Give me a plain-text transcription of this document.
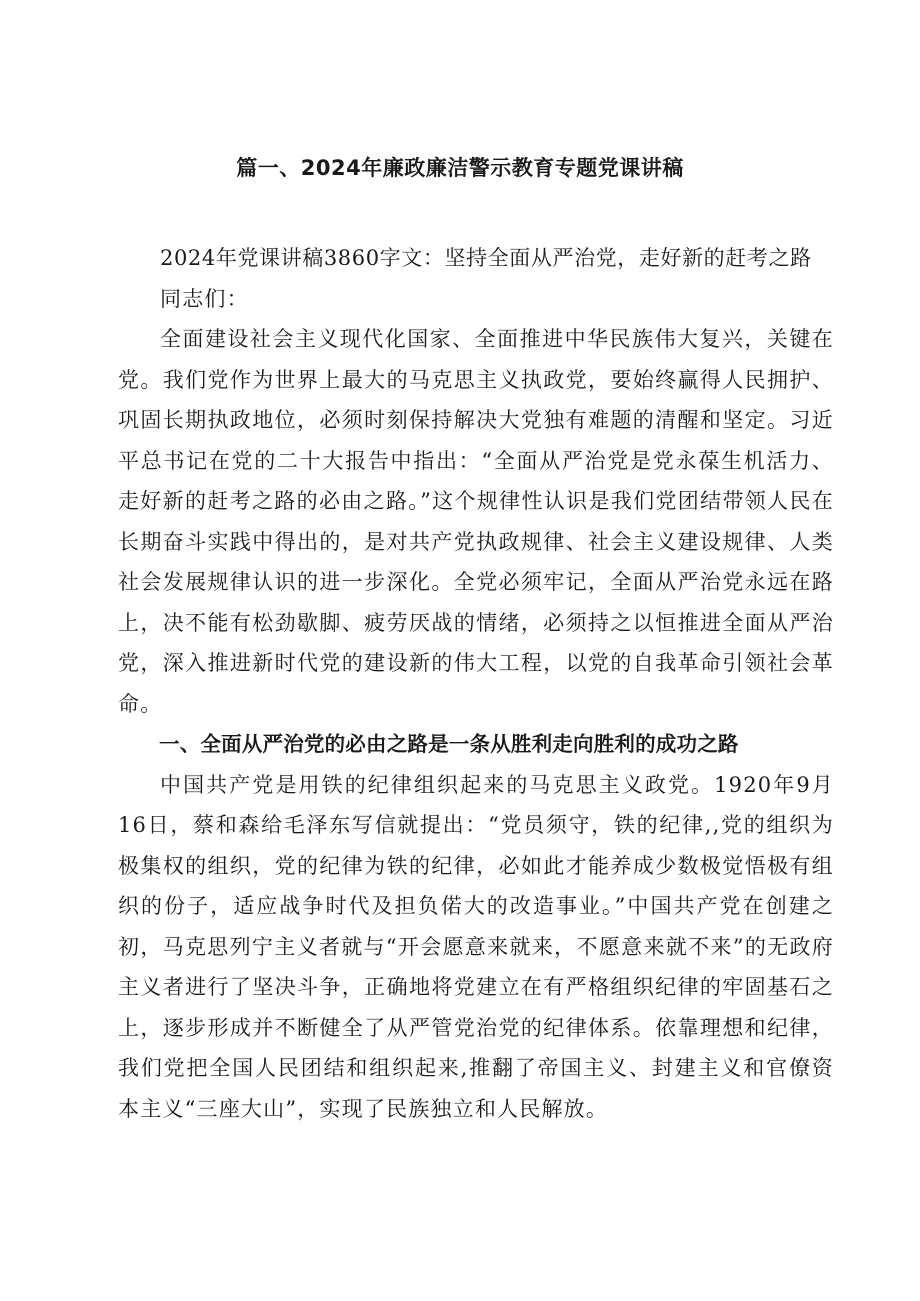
篇一、2024年廉政廉洁警示教育专题党课讲稿

2024年党课讲稿3860字文：坚持全面从严治党，走好新的赶考之路

同志们：

全面建设社会主义现代化国家、全面推进中华民族伟大复兴，关键在党。我们党作为世界上最大的马克思主义执政党，要始终赢得人民拥护、巩固长期执政地位，必须时刻保持解决大党独有难题的清醒和坚定。习近平总书记在党的二十大报告中指出：“全面从严治党是党永葆生机活力、走好新的赶考之路的必由之路。”这个规律性认识是我们党团结带领人民在长期奋斗实践中得出的，是对共产党执政规律、社会主义建设规律、人类社会发展规律认识的进一步深化。全党必须牢记，全面从严治党永远在路上，决不能有松劲歇脚、疲劳厌战的情绪，必须持之以恒推进全面从严治党，深入推进新时代党的建设新的伟大工程，以党的自我革命引领社会革命。

一、全面从严治党的必由之路是一条从胜利走向胜利的成功之路

中国共产党是用铁的纪律组织起来的马克思主义政党。1920年9月16日，蔡和森给毛泽东写信就提出：“党员须守，铁的纪律,,党的组织为极集权的组织，党的纪律为铁的纪律，必如此才能养成少数极觉悟极有组织的份子，适应战争时代及担负偌大的改造事业。”中国共产党在创建之初，马克思列宁主义者就与“开会愿意来就来，不愿意来就不来”的无政府主义者进行了坚决斗争，正确地将党建立在有严格组织纪律的牢固基石之上，逐步形成并不断健全了从严管党治党的纪律体系。依靠理想和纪律，我们党把全国人民团结和组织起来,推翻了帝国主义、封建主义和官僚资本主义“三座大山”，实现了民族独立和人民解放。
